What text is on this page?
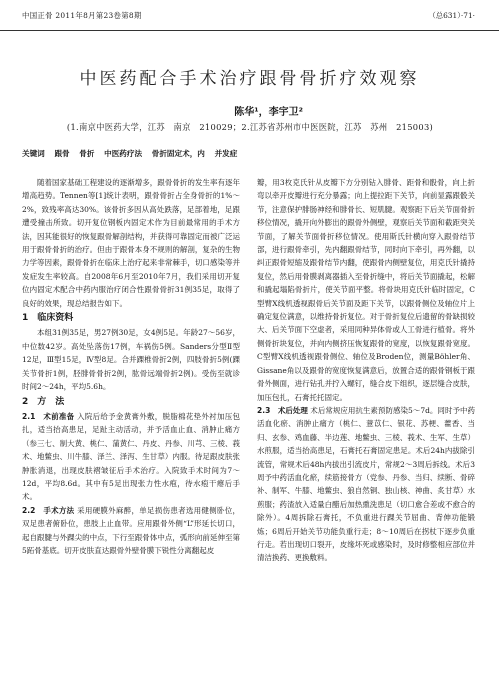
中国正骨 2011年8月第23卷第8期	（总631）·71·
中医药配合手术治疗跟骨骨折疗效观察
陈华¹，李宇卫²
(1.南京中医药大学，江苏　南京　210029；2.江苏省苏州市中医医院，江苏　苏州　215003)
关键词 跟骨 骨折 中医药疗法 骨折固定术，内 并发症

随着国家基础工程建设的逐渐增多，跟骨骨折的发生率有逐年增高趋势。Tennen等[1]统计表明，跟骨骨折占全身骨折的1%～2%，致残率高达30%。该骨折多因从高处跌落，足部着地，足跟遭受撞击所致。切开复位钢板内固定术作为目前最常用的手术方法，因其能很好的恢复跟骨解剖结构，并获得可靠固定而被广泛运用于跟骨骨折的治疗。但由于跟骨本身不规则的解剖，复杂的生物力学等因素，跟骨骨折在临床上治疗起来非常棘手，切口感染等并发症发生率较高。自2008年6月至2010年7月，我们采用切开复位内固定术配合中药内服治疗闭合性跟骨骨折31例35足，取得了良好的效果，现总结报告如下。

1　临床资料

本组31例35足，男27例30足，女4例5足。年龄27～56岁，中位数42岁。高处坠落伤17例，车祸伤5例。Sanders分型Ⅱ型12足，Ⅲ型15足，Ⅳ型8足。合并踝椎骨折2例，四肢骨折5例(踝关节骨折1例，胫腓骨骨折2例，肱骨远端骨折2例)。受伤至就诊时间2～24h，平均5.6h。

2　方　法

2.1　术前准备 入院后给予金黄膏外敷，脱脂棉花垫外衬加压包扎，适当抬高患足，足趾主动活动，并予活血止血、消肿止痛方（参三七、制大黄、桃仁、蒲黄仁、丹皮、丹参、川芎、三棱、莪术、地鳖虫、川牛膝、泽兰、泽泻、生甘草）内服。待足跟皮肤张肿胀消退，出现皮肤褶皱征后手术治疗。入院致手术时间为7～12d，平均8.6d。其中有5足出现张力性水疱，待水疱干瘪后手术。

2.2　手术方法 采用硬膜外麻醉，单足损伤患者选用健侧卧位，双足患者俯卧位，患肢上止血带。应用跟骨外侧“L”形延长切口，起自跟腱与外踝尖的中点，下行至跟骨体中点，弧形向前延伸至第5跖骨基底。切开皮肤直达跟骨外壁骨膜下锐性分离翻起皮

瓣，用3枚克氏针从皮瓣下方分别钻入腓骨、距骨和骰骨，向上折弯以牵开皮瓣进行充分暴露；向上提拉距下关节，向前显露跟骰关节，注意保护腓肠神经和腓骨长、短肌腱。观察距下后关节面骨折移位情况，撬开向外膨出的跟骨外侧壁，观察后关节面和截距突关节面，了解关节面骨折移位情况。使用斯氏针横向穿入跟骨结节部，进行跟骨牵引，先内翻跟骨结节，同时向下牵引，再外翻，以纠正跟骨短缩及跟骨结节内翻，使跟骨内侧壁复位，用克氏针撬持复位，然后用骨膜剥离器插入至骨折缝中，将后关节面撬起，松解和撬起塌陷骨折片，使关节面平整。将骨块用克氏针临时固定，C型臂X线机透视跟骨后关节面及距下关节，以跟骨侧位及轴位片上确定复位满意，以维持骨折复位。对于骨折复位后遗留的骨缺损较大、后关节面下空虚者，采用同种异体骨或人工骨进行植骨。将外侧骨折块复位，并向内侧挤压恢复跟骨的宽度，以恢复跟骨宽度。C型臂X线机透视跟骨侧位、轴位及Broden位，测量Böhler角、Gissane角以及跟骨的宽度恢复满意后，放置合适的跟骨钢板于跟骨外侧面，进行钻孔并拧入螺钉，缝合皮下组织，逐层缝合皮肤，加压包扎，石膏托托固定。

2.3　术后处理 术后常规应用抗生素预防感染5～7d。同时予中药活血化瘀、消肿止痛方（桃仁、薏苡仁、银花、苏梗、藿香、当归、玄参、鸡血藤、半边莲、地鳖虫、三棱、莪术、生军、生草）水煎服，适当抬高患足，石膏托石膏固定患足。术后24h内拔除引流管，常规术后48h内拔出引流皮片，常规2～3周后拆线。术后3周予中药活血化瘀，续筋接骨方（党参、丹参、当归、续断、骨碎补、制军、牛膝、地鳖虫、狼自然铜、独山核、神曲、炙甘草）水煎服；药渣放入适量白醋后加热熏洗患足（切口愈合差或不愈合的除外）。4周拆除石膏托，不负重进行踝关节屈曲、背伸功能锻炼；6周后开始关节功能负重行走；8～10周后在拐杖下逐步负重行走。若出现切口裂开，皮缘坏死或感染时，及时修整相应部位并清洁换药、更换敷料。
